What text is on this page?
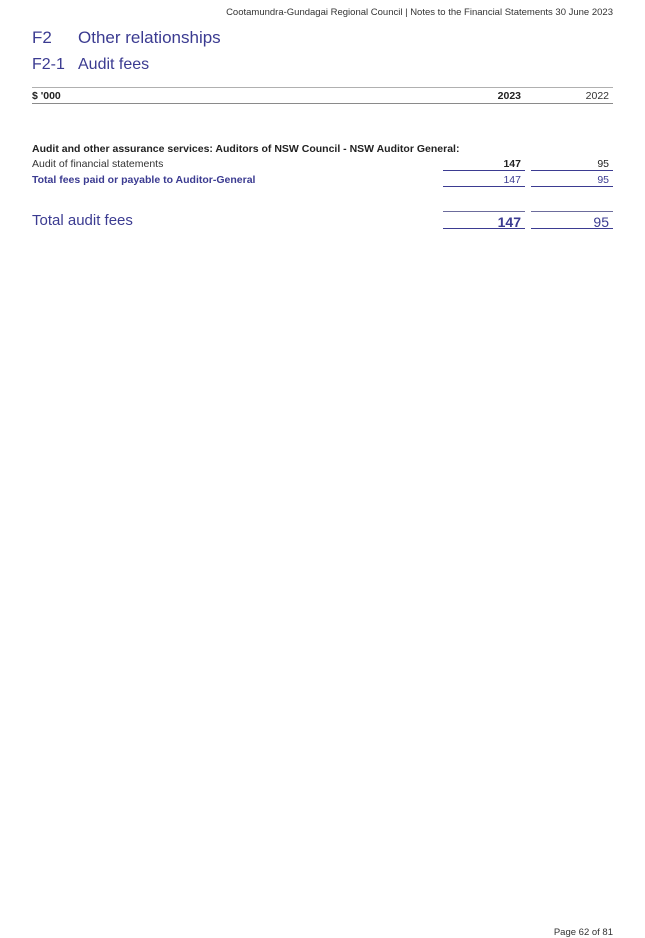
Cootamundra-Gundagai Regional Council | Notes to the Financial Statements 30 June 2023
F2 Other relationships
F2-1 Audit fees
$ '000	2023	2022
Audit and other assurance services: Auditors of NSW Council - NSW Auditor General:
Audit of financial statements	147	95
Total fees paid or payable to Auditor-General	147	95
Total audit fees	147	95
Page 62 of 81
